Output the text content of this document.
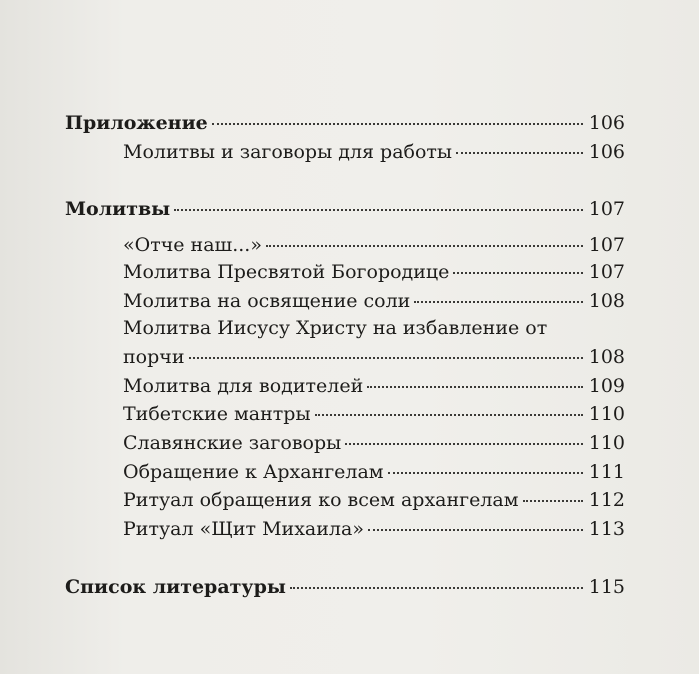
Приложение	106
Молитвы и заговоры для работы	106
Молитвы	107
«Отче наш...»	107
Молитва Пресвятой Богородице	107
Молитва на освящение соли	108
Молитва Иисусу Христу на избавление от
порчи	108
Молитва для водителей	109
Тибетские мантры	110
Славянские заговоры	110
Обращение к Архангелам	111
Ритуал обращения ко всем архангелам	112
Ритуал «Щит Михаила»	113
Список литературы	115
